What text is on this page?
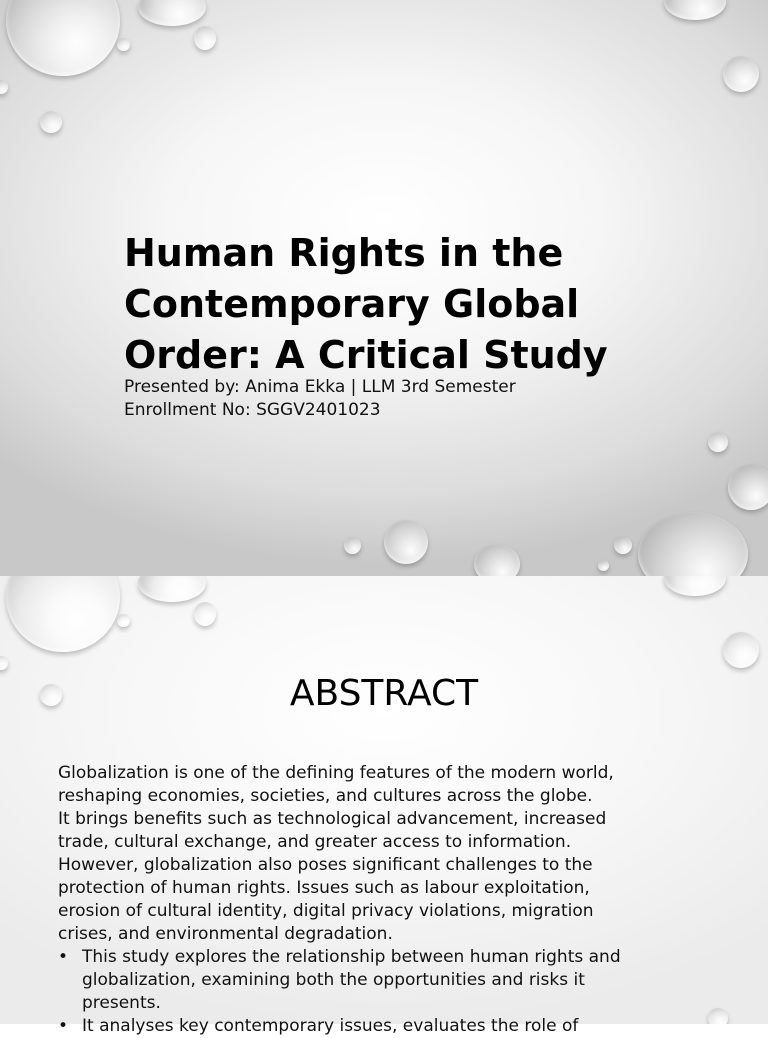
Human Rights in the
Contemporary Global
Order: A Critical Study
Presented by: Anima Ekka | LLM 3rd Semester
Enrollment No: SGGV2401023
ABSTRACT

Globalization is one of the defining features of the modern world,

reshaping economies, societies, and cultures across the globe.

It brings benefits such as technological advancement, increased

trade, cultural exchange, and greater access to information.

However, globalization also poses significant challenges to the

protection of human rights. Issues such as labour exploitation,

erosion of cultural identity, digital privacy violations, migration

crises, and environmental degradation.

• This study explores the relationship between human rights and
globalization, examining both the opportunities and risks it
presents.
• It analyses key contemporary issues, evaluates the role of
